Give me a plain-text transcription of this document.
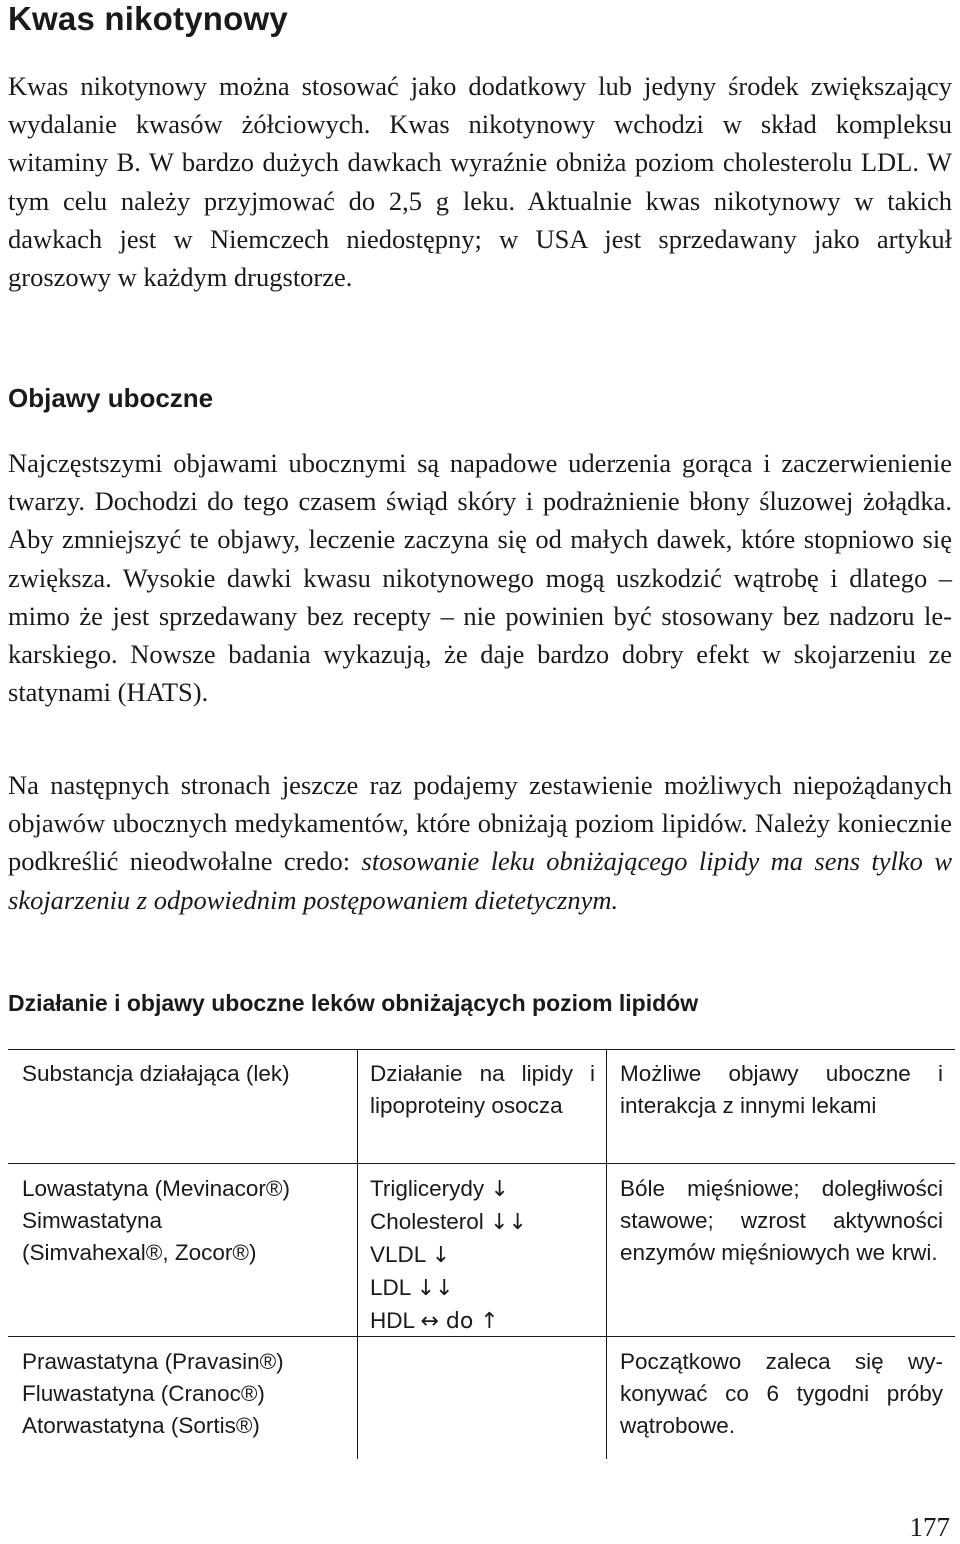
Kwas nikotynowy

Kwas nikotynowy można stosować jako dodatkowy lub jedyny środek zwiększający wydalanie kwasów żółciowych. Kwas nikotynowy wchodzi w skład kompleksu witaminy B. W bardzo dużych dawkach wyraźnie obniża poziom cholesterolu LDL. W tym celu należy przyjmować do 2,5 g leku. Aktualnie kwas nikotynowy w takich dawkach jest w Niemczech niedostępny; w USA jest sprzedawany jako artykuł groszowy w każdym drugstorze.

Objawy uboczne

Najczęstszymi objawami ubocznymi są napadowe uderzenia gorąca i zaczerwienienie twarzy. Dochodzi do tego czasem świąd skóry i podrażnienie błony śluzowej żołądka. Aby zmniejszyć te objawy, leczenie zaczyna się od małych dawek, które stopniowo się zwiększa. Wysokie dawki kwasu nikotynowego mogą uszkodzić wątrobę i dlatego – mimo że jest sprzedawany bez recepty – nie powinien być stosowany bez nadzoru lekarskiego. Nowsze badania wykazują, że daje bardzo dobry efekt w skojarzeniu ze statynami (HATS).

Na następnych stronach jeszcze raz podajemy zestawienie możliwych niepożądanych objawów ubocznych medykamentów, które obniżają poziom lipidów. Należy koniecznie podkreślić nieodwołalne credo: stosowanie leku obniżającego lipidy ma sens tylko w skojarzeniu z odpowiednim postępowaniem dietetycznym.

Działanie i objawy uboczne leków obniżających poziom lipidów

Substancja działająca (lek)	Działanie na lipidy i lipoproteiny osocza

Możliwe objawy uboczne i interakcja z innymi lekami

Lowastatyna (Mevinacor®)
Simwastatyna
(Simvahexal®, Zocor®)
Triglicerydy ↓
Cholesterol ↓↓
VLDL ↓
LDL ↓↓
HDL ↔ do ↑

Bóle mięśniowe; doległiwości stawowe; wzrost aktywności enzymów mięśniowych we krwi.

Prawastatyna (Pravasin®)
Fluwastatyna (Cranoc®)
Atorwastatyna (Sortis®)

Początkowo zaleca się wykonywać co 6 tygodni próby wątrobowe.

177
